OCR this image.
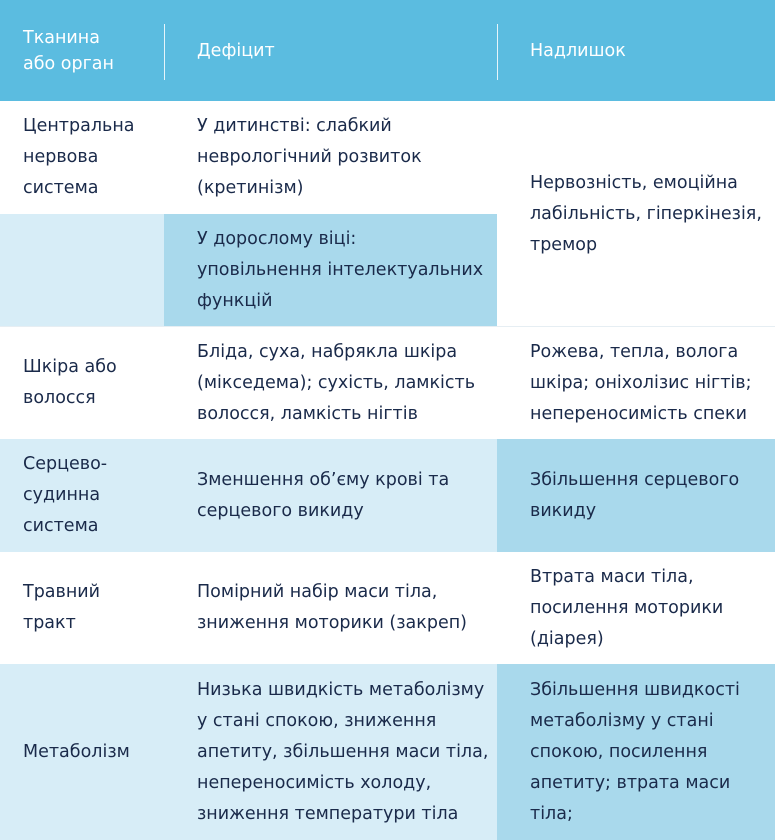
Тканина
або орган
Дефіцит	Надлишок
Центральна
нервова
система
У дитинстві: слабкий
неврологічний розвиток
(кретинізм)
У дорослому віці:
уповільнення інтелектуальних
функцій
Нервозність, емоційна
лабільність, гіперкінезія,
тремор
Шкіра або
волосся
Бліда, суха, набрякла шкіра
(мікседема); сухість, ламкість
волосся, ламкість нігтів
Рожева, тепла, волога
шкіра; оніхолізис нігтів;
непереносимість спеки
Серцево-
судинна
система
Зменшення об’єму крові та
серцевого викиду
Збільшення серцевого
викиду
Травний
тракт
Помірний набір маси тіла,
зниження моторики (закреп)
Втрата маси тіла,
посилення моторики
(діарея)
Метаболізм
Низька швидкість метаболізму
у стані спокою, зниження
апетиту, збільшення маси тіла,
непереносимість холоду,
зниження температури тіла
Збільшення швидкості
метаболізму у стані
спокою, посилення
апетиту; втрата маси
тіла;
